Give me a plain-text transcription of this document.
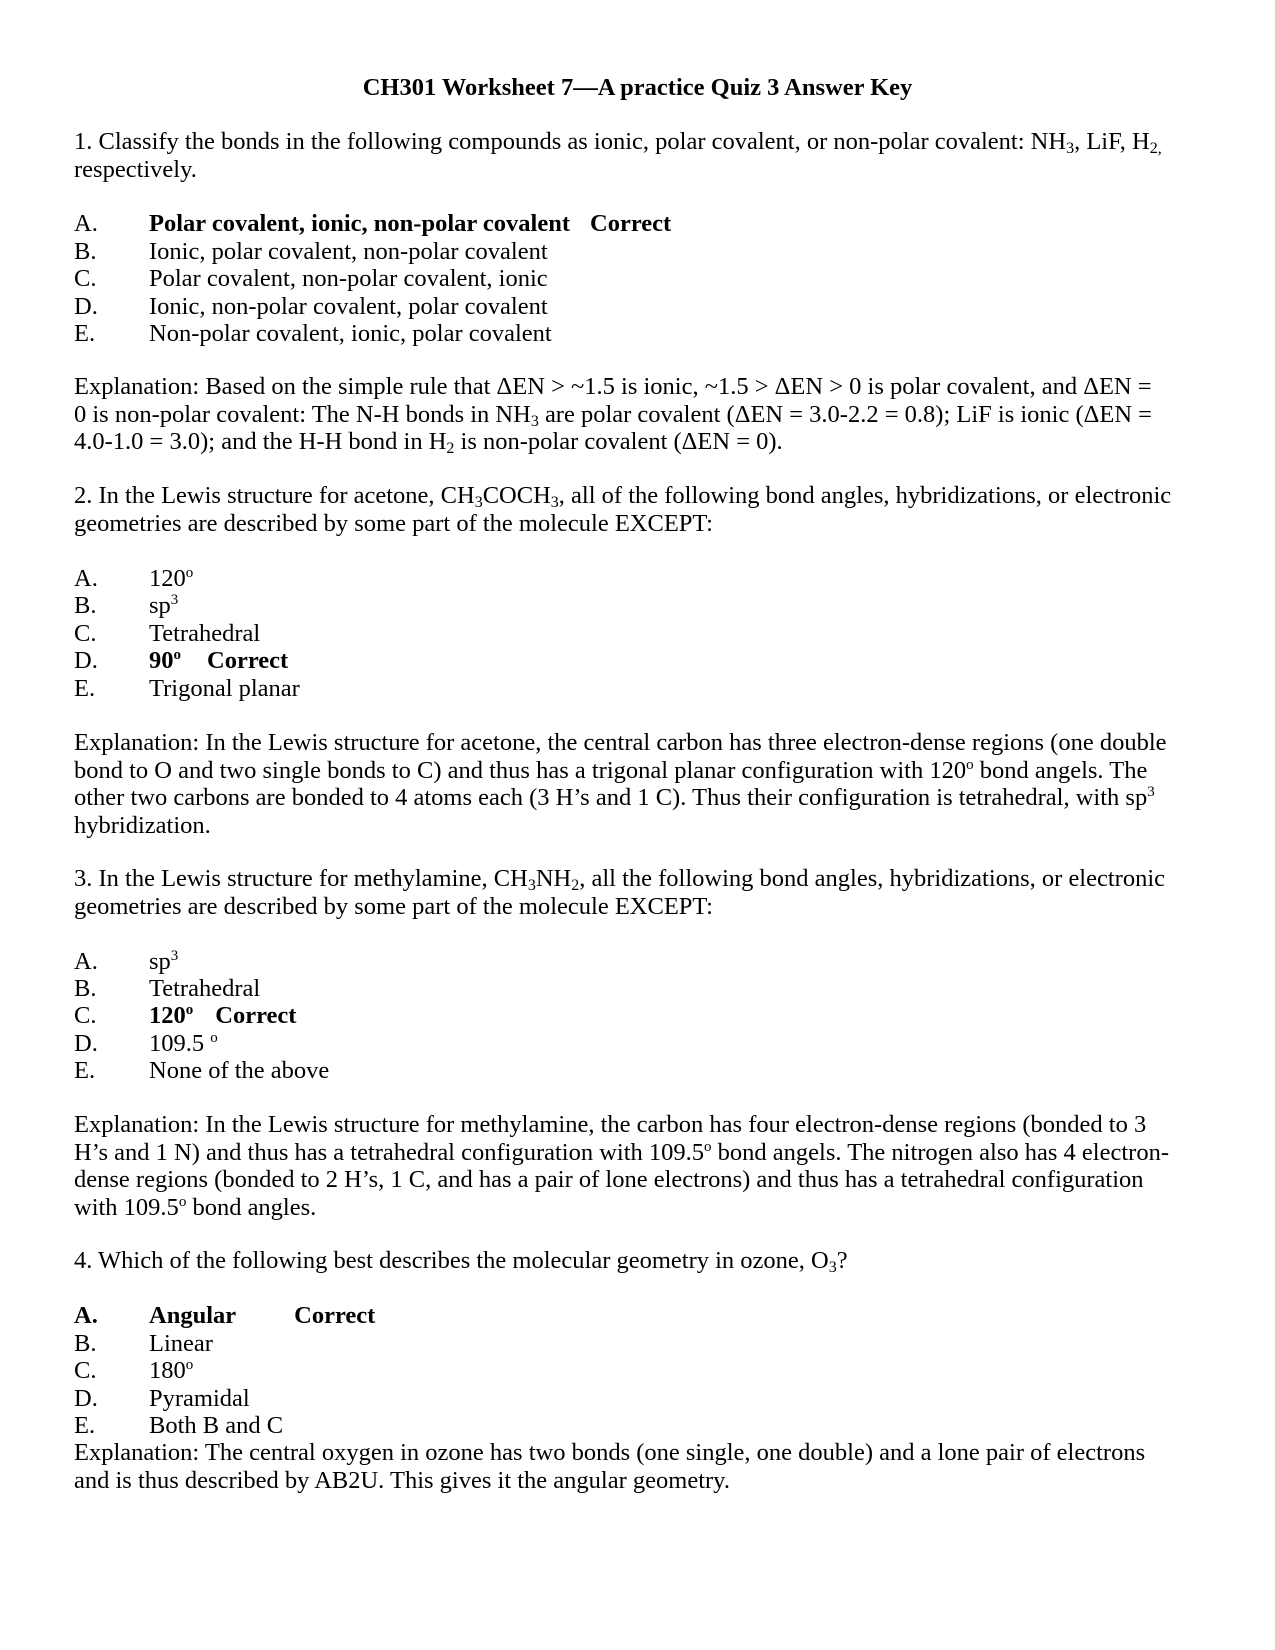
CH301 Worksheet 7—A practice Quiz 3 Answer Key
1. Classify the bonds in the following compounds as ionic, polar covalent, or non-polar covalent: $NH_3$, LiF, $H_{2,}$
respectively.
A.	Polar covalent, ionic, non-polar covalent Correct
B.	Ionic, polar covalent, non-polar covalent
C.	Polar covalent, non-polar covalent, ionic
D.	Ionic, non-polar covalent, polar covalent
E.	Non-polar covalent, ionic, polar covalent
Explanation: Based on the simple rule that ΔEN > ~1.5 is ionic, ~1.5 > ΔEN > 0 is polar covalent, and ΔEN =
0 is non-polar covalent: The N-H bonds in $NH_3$ are polar covalent (ΔEN = 3.0-2.2 = 0.8); LiF is ionic (ΔEN =
4.0-1.0 = 3.0); and the H-H bond in $H_2$ is non-polar covalent (ΔEN = 0).
2. In the Lewis structure for acetone, $CH_3COCH_3$, all of the following bond angles, hybridizations, or electronic
geometries are described by some part of the molecule EXCEPT:
A.	120$^o$
B.	$sp^3$
C.	Tetrahedral
D.	90$^o$ Correct
E.	Trigonal planar
Explanation: In the Lewis structure for acetone, the central carbon has three electron-dense regions (one double
bond to O and two single bonds to C) and thus has a trigonal planar configuration with 120$^o$ bond angels. The
other two carbons are bonded to 4 atoms each (3 H’s and 1 C). Thus their configuration is tetrahedral, with $sp^3$
hybridization.
3. In the Lewis structure for methylamine, $CH_3NH_2$, all the following bond angles, hybridizations, or electronic
geometries are described by some part of the molecule EXCEPT:
A.	$sp^3$
B.	Tetrahedral
C.	120$^o$ Correct
D.	109.5 $^o$
E.	None of the above
Explanation: In the Lewis structure for methylamine, the carbon has four electron-dense regions (bonded to 3
H’s and 1 N) and thus has a tetrahedral configuration with 109.5$^o$ bond angels. The nitrogen also has 4 electron-
dense regions (bonded to 2 H’s, 1 C, and has a pair of lone electrons) and thus has a tetrahedral configuration
with 109.5$^o$ bond angles.
4. Which of the following best describes the molecular geometry in ozone, $O_3$?
A.	Angular Correct
B.	Linear
C.	180$^o$
D.	Pyramidal
E.	Both B and C
Explanation: The central oxygen in ozone has two bonds (one single, one double) and a lone pair of electrons
and is thus described by AB2U. This gives it the angular geometry.
